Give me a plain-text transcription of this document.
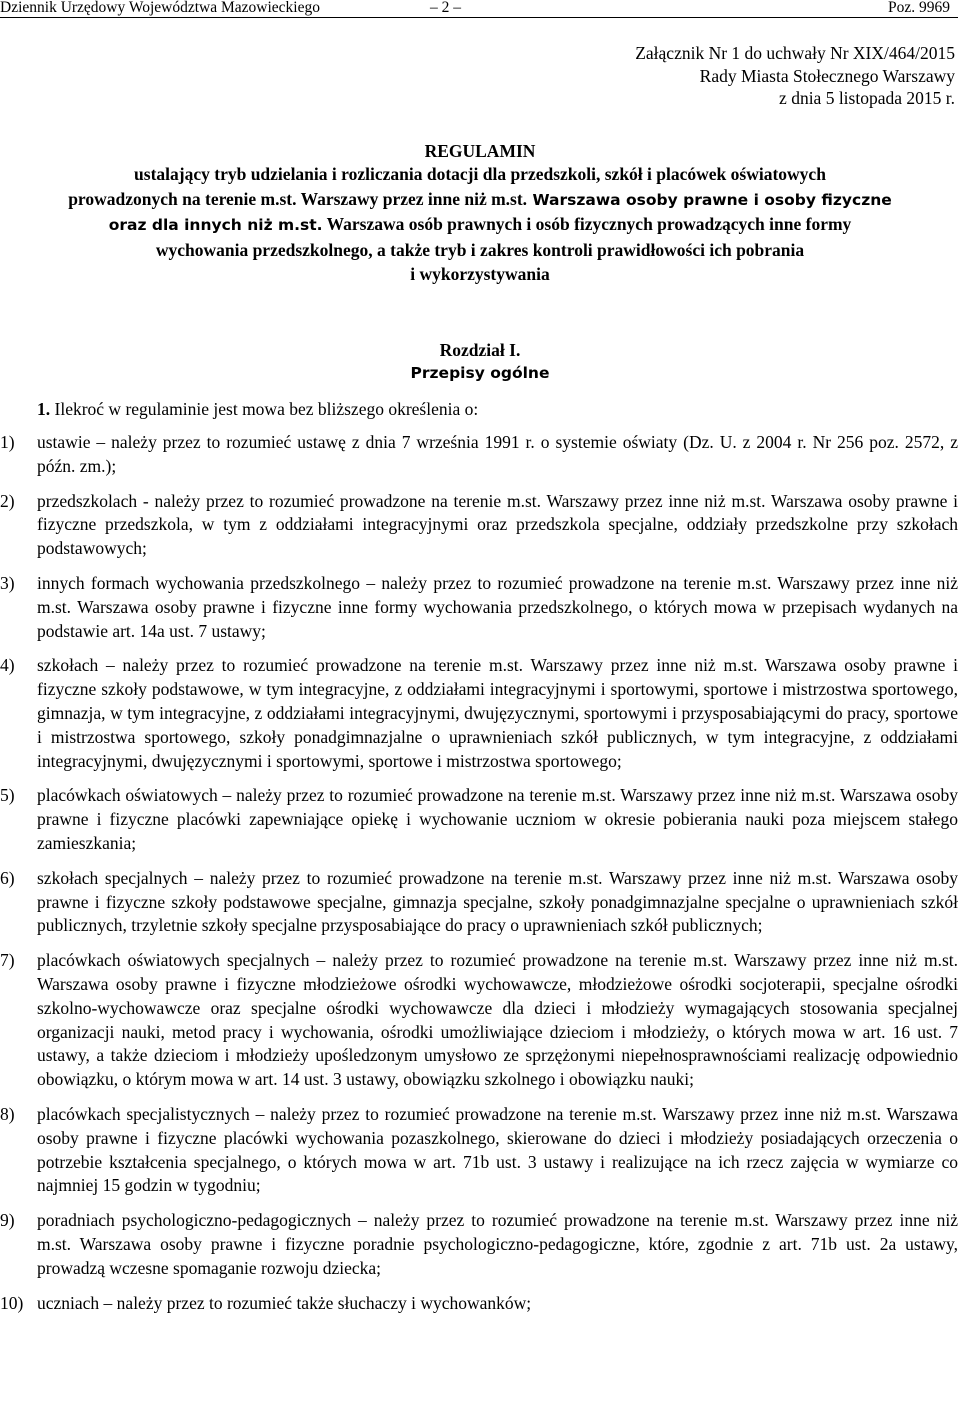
Dziennik Urzędowy Województwa Mazowieckiego	– 2 –	Poz. 9969
Załącznik Nr 1 do uchwały Nr XIX/464/2015
Rady Miasta Stołecznego Warszawy
z dnia 5 listopada 2015 r.
REGULAMIN
ustalający tryb udzielania i rozliczania dotacji dla przedszkoli, szkół i placówek oświatowych
prowadzonych na terenie m.st. Warszawy przez inne niż m.st. Warszawa osoby prawne i osoby fizyczne
oraz dla innych niż m.st. Warszawa osób prawnych i osób fizycznych prowadzących inne formy
wychowania przedszkolnego, a także tryb i zakres kontroli prawidłowości ich pobrania
i wykorzystywania
Rozdział I.
Przepisy ogólne
1. Ilekroć w regulaminie jest mowa bez bliższego określenia o:
1)	ustawie – należy przez to rozumieć ustawę z dnia 7 września 1991 r. o systemie oświaty (Dz. U. z 2004 r. Nr 256 poz. 2572, z późn. zm.);
2)	przedszkolach - należy przez to rozumieć prowadzone na terenie m.st. Warszawy przez inne niż m.st. Warszawa osoby prawne i fizyczne przedszkola, w tym z oddziałami integracyjnymi oraz przedszkola specjalne, oddziały przedszkolne przy szkołach podstawowych;
3)	innych formach wychowania przedszkolnego – należy przez to rozumieć prowadzone na terenie m.st. Warszawy przez inne niż m.st. Warszawa osoby prawne i fizyczne inne formy wychowania przedszkolnego, o których mowa w przepisach wydanych na podstawie art. 14a ust. 7 ustawy;
4)	szkołach – należy przez to rozumieć prowadzone na terenie m.st. Warszawy przez inne niż m.st. Warszawa osoby prawne i fizyczne szkoły podstawowe, w tym integracyjne, z oddziałami integracyjnymi i sportowymi, sportowe i mistrzostwa sportowego, gimnazja, w tym integracyjne, z oddziałami integracyjnymi, dwujęzycznymi, sportowymi i przysposabiającymi do pracy, sportowe i mistrzostwa sportowego, szkoły ponadgimnazjalne o uprawnieniach szkół publicznych, w tym integracyjne, z oddziałami integracyjnymi, dwujęzycznymi i sportowymi, sportowe i mistrzostwa sportowego;
5)	placówkach oświatowych – należy przez to rozumieć prowadzone na terenie m.st. Warszawy przez inne niż m.st. Warszawa osoby prawne i fizyczne placówki zapewniające opiekę i wychowanie uczniom w okresie pobierania nauki poza miejscem stałego zamieszkania;
6)	szkołach specjalnych – należy przez to rozumieć prowadzone na terenie m.st. Warszawy przez inne niż m.st. Warszawa osoby prawne i fizyczne szkoły podstawowe specjalne, gimnazja specjalne, szkoły ponadgimnazjalne specjalne o uprawnieniach szkół publicznych, trzyletnie szkoły specjalne przysposabiające do pracy o uprawnieniach szkół publicznych;
7)	placówkach oświatowych specjalnych – należy przez to rozumieć prowadzone na terenie m.st. Warszawy przez inne niż m.st. Warszawa osoby prawne i fizyczne młodzieżowe ośrodki wychowawcze, młodzieżowe ośrodki socjoterapii, specjalne ośrodki szkolno-wychowawcze oraz specjalne ośrodki wychowawcze dla dzieci i młodzieży wymagających stosowania specjalnej organizacji nauki, metod pracy i wychowania, ośrodki umożliwiające dzieciom i młodzieży, o których mowa w art. 16 ust. 7 ustawy, a także dzieciom i młodzieży upośledzonym umysłowo ze sprzężonymi niepełnosprawnościami realizację odpowiednio obowiązku, o którym mowa w art. 14 ust. 3 ustawy, obowiązku szkolnego i obowiązku nauki;
8)	placówkach specjalistycznych – należy przez to rozumieć prowadzone na terenie m.st. Warszawy przez inne niż m.st. Warszawa osoby prawne i fizyczne placówki wychowania pozaszkolnego, skierowane do dzieci i młodzieży posiadających orzeczenia o potrzebie kształcenia specjalnego, o których mowa w art. 71b ust. 3 ustawy i realizujące na ich rzecz zajęcia w wymiarze co najmniej 15 godzin w tygodniu;
9)	poradniach psychologiczno-pedagogicznych – należy przez to rozumieć prowadzone na terenie m.st. Warszawy przez inne niż m.st. Warszawa osoby prawne i fizyczne poradnie psychologiczno-pedagogiczne, które, zgodnie z art. 71b ust. 2a ustawy, prowadzą wczesne spomaganie rozwoju dziecka;
10) uczniach – należy przez to rozumieć także słuchaczy i wychowanków;
